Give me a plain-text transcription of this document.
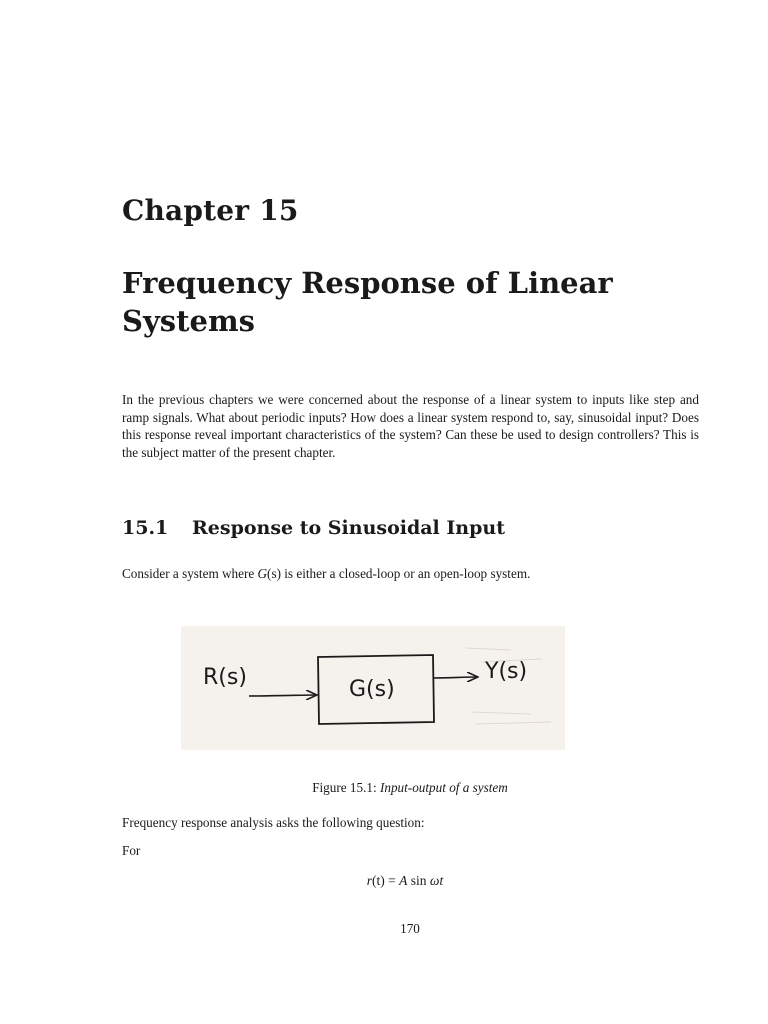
Chapter 15
Frequency Response of Linear Systems

In the previous chapters we were concerned about the response of a linear system to inputs like step and ramp signals. What about periodic inputs? How does a linear system respond to, say, sinusoidal input? Does this response reveal important characteristics of the system? Can these be used to design controllers? This is the subject matter of the present chapter.

15.1 Response to Sinusoidal Input

Consider a system where G(s) is either a closed-loop or an open-loop system.

R(s)	G(s)
Y(s)

Figure 15.1: Input-output of a system

Frequency response analysis asks the following question:

For

r(t) = A sin ωt

170
